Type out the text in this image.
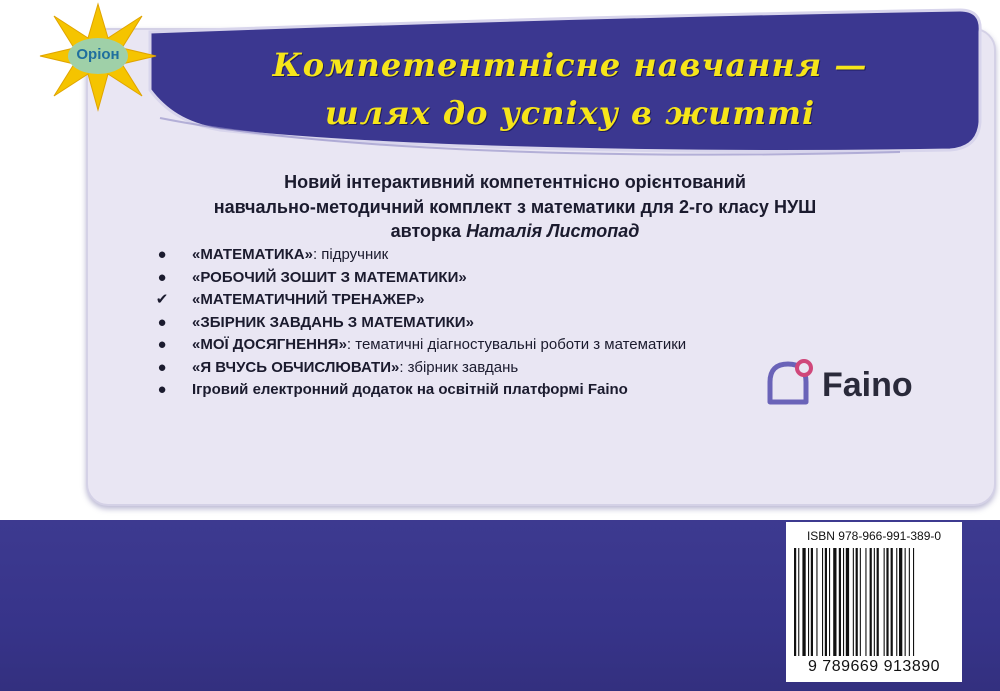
Компетентнісне навчання —
шлях до успіху в житті
Оріон
Новий інтерактивний компетентнісно орієнтований
навчально-методичний комплект з математики для 2-го класу НУШ
авторка Наталія Листопад
● «МАТЕМАТИКА»: підручник
● «РОБОЧИЙ ЗОШИТ З МАТЕМАТИКИ»
✔ «МАТЕМАТИЧНИЙ ТРЕНАЖЕР»
● «ЗБІРНИК ЗАВДАНЬ З МАТЕМАТИКИ»
● «МОЇ ДОСЯГНЕННЯ»: тематичні діагностувальні роботи з математики
● «Я ВЧУСЬ ОБЧИСЛЮВАТИ»: збірник завдань
● Ігровий електронний додаток на освітній платформі Faino	Faino
ISBN 978-966-991-389-0
9 789669 913890
